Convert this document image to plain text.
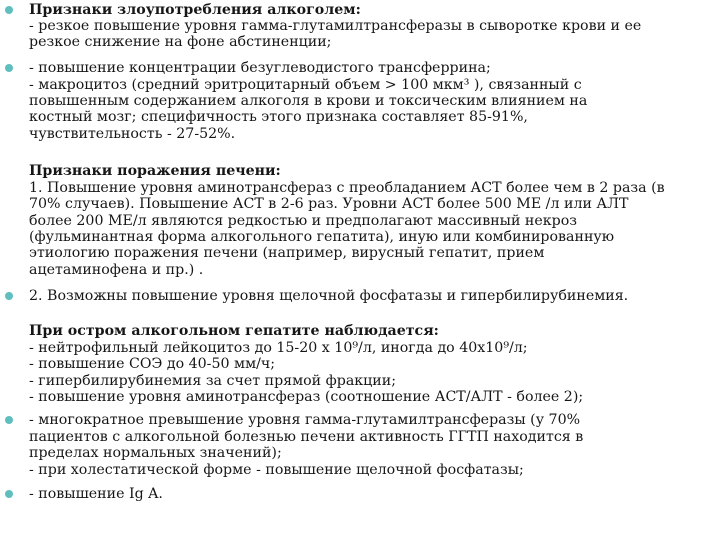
Признаки злоупотребления алкоголем:
- резкое повышение уровня гамма-глутамилтрансферазы в сыворотке крови и ее
резкое снижение на фоне абстиненции;
- повышение концентрации безуглеводистого трансферрина;
- макроцитоз (средний эритроцитарный объем > 100 мкм³ ), связанный с
повышенным содержанием алкоголя в крови и токсическим влиянием на
костный мозг; специфичность этого признака составляет 85-91%,
чувствительность - 27-52%.
Признаки поражения печени:
1. Повышение уровня аминотрансфераз с преобладанием АСТ более чем в 2 раза (в
70% случаев). Повышение АСТ в 2-6 раз. Уровни АСТ более 500 МЕ /л или АЛТ
более 200 МЕ/л являются редкостью и предполагают массивный некроз
(фульминантная форма алкогольного гепатита), иную или комбинированную
этиологию поражения печени (например, вирусный гепатит, прием
ацетаминофена и пр.) .
2. Возможны повышение уровня щелочной фосфатазы и гипербилирубинемия.
При остром алкогольном гепатите наблюдается:
- нейтрофильный лейкоцитоз до 15-20 х 10⁹/л, иногда до 40х10⁹/л;
- повышение СОЭ до 40-50 мм/ч;
- гипербилирубинемия за счет прямой фракции;
- повышение уровня аминотрансфераз (соотношение АСТ/АЛТ - более 2);
- многократное превышение уровня гамма-глутамилтрансферазы (у 70%
пациентов с алкогольной болезнью печени активность ГГТП находится в
пределах нормальных значений);
- при холестатической форме - повышение щелочной фосфатазы;
- повышение Ig A.
